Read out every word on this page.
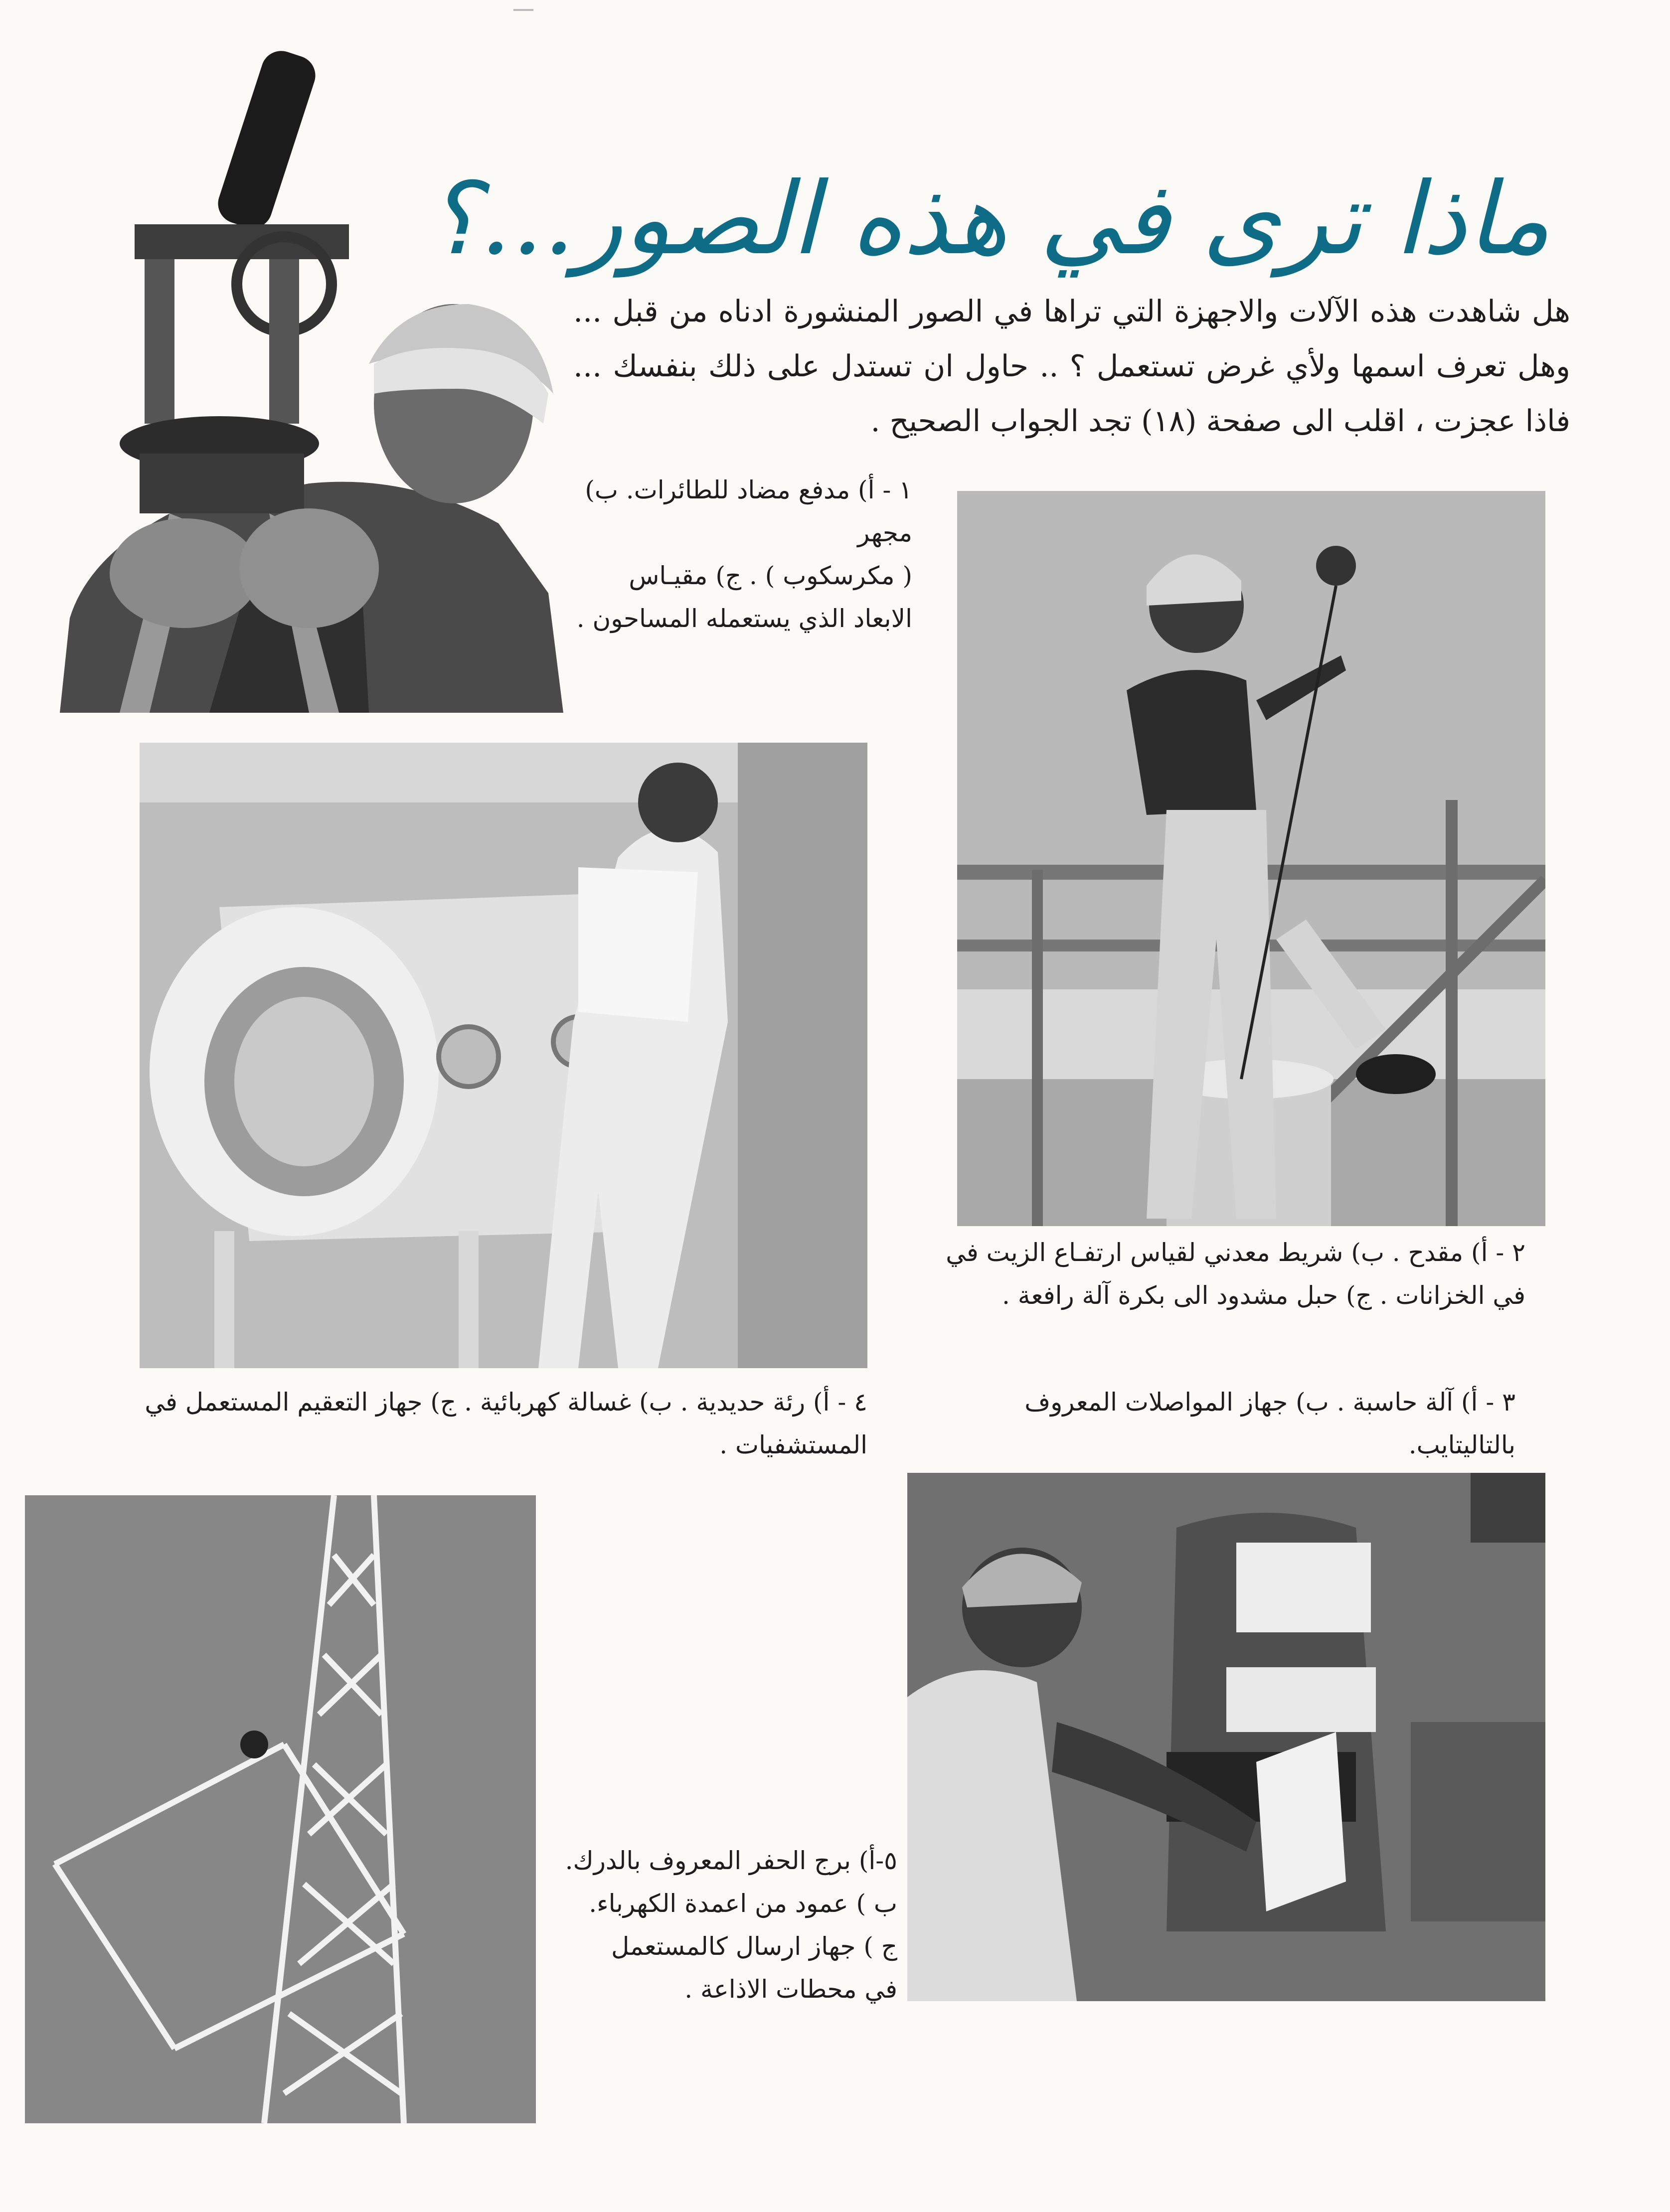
ماذا ترى في هذه الصور...؟
هل شاهدت هذه الآلات والاجهزة التي تراها في الصور المنشورة ادناه من قبل ... وهل تعرف اسمها ولأي غرض تستعمل ؟ .. حاول ان تستدل على ذلك بنفسك ... فاذا عجزت ، اقلب الى صفحة (١٨) تجد الجواب الصحيح .

١ - أ) مدفع مضاد للطائرات. ب) مجهر

( مكرسكوب ) . ج) مقيـاس

الابعاد الذي يستعمله المساحون .

٢ - أ) مقدح . ب) شريط معدني لقياس ارتفـاع الزيت في

في الخزانات . ج) حبل مشدود الى بكرة آلة رافعة .

٤ - أ) رئة حديدية . ب) غسالة كهربائية . ج) جهاز التعقيم المستعمل في

المستشفيات .

٣ - أ) آلة حاسبة . ب) جهاز المواصلات المعروف بالتاليتايب.

٥-أ) برج الحفر المعروف بالدرك.

ب ) عمود من اعمدة الكهرباء.

ج ) جهاز ارسال كالمستعمل

في محطات الاذاعة .
